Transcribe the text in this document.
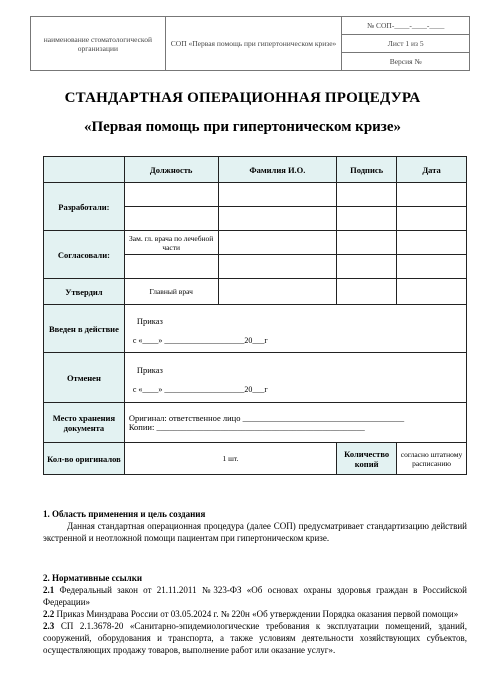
наименование стоматологической организации	СОП «Первая помощь при гипертоническом кризе»	№ СОП-____-____-____
Лист 1 из 5
Версия №
СТАНДАРТНАЯ ОПЕРАЦИОННАЯ ПРОЦЕДУРА
«Первая помощь при гипертоническом кризе»
	Должность	Фамилия И.О.	Подпись	Дата
Разработали:				

Согласовали:	Зам. гл. врача по лечебной части			

Утвердил	Главный врач			
Введен в действие	Приказ
с «____» ____________________20___г			

Отменен	Приказ
с «____» ____________________20___г			

Место хранения документа	Оригинал: ответственное лицо ______________________________________
Копии: _________________________________________________			

Кол-во оригиналов	1 шт.		Количество копий	согласно штатному расписанию
1. Область применения и цель создания

Данная стандартная операционная процедура (далее СОП) предусматривает стандартизацию действий экстренной и неотложной помощи пациентам при гипертоническом кризе.

2. Нормативные ссылки

2.1 Федеральный закон от 21.11.2011 №323-ФЗ «Об основах охраны здоровья граждан в Российской Федерации»

2.2 Приказ Минздрава России от 03.05.2024 г. № 220н «Об утверждении Порядка оказания первой помощи»

2.3 СП 2.1.3678-20 «Санитарно-эпидемиологические требования к эксплуатации помещений, зданий, сооружений, оборудования и транспорта, а также условиям деятельности хозяйствующих субъектов, осуществляющих продажу товаров, выполнение работ или оказание услуг».
